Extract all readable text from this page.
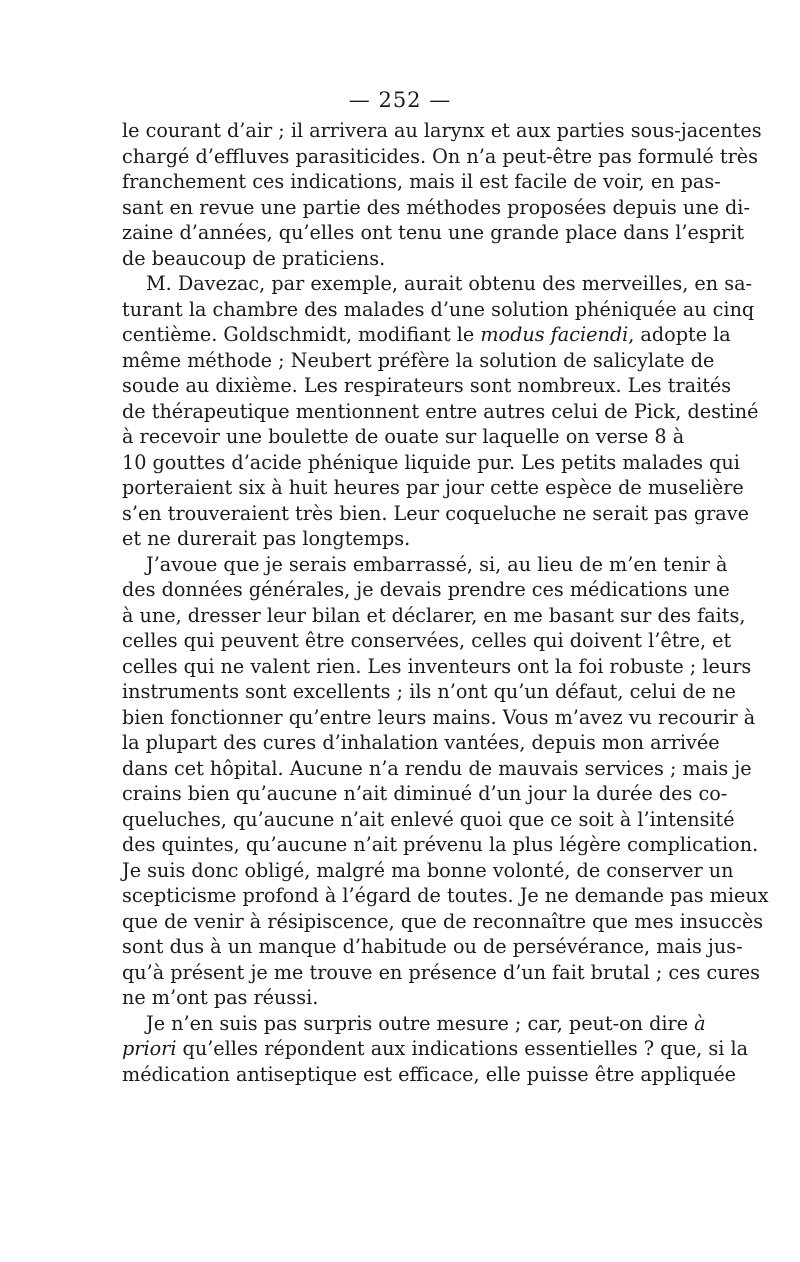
— 252 —
le courant d’air ; il arrivera au larynx et aux parties sous-jacentes
chargé d’effluves parasiticides. On n’a peut-être pas formulé très
franchement ces indications, mais il est facile de voir, en pas-
sant en revue une partie des méthodes proposées depuis une di-
zaine d’années, qu’elles ont tenu une grande place dans l’esprit
de beaucoup de praticiens.
M. Davezac, par exemple, aurait obtenu des merveilles, en sa-
turant la chambre des malades d’une solution phéniquée au cinq
centième. Goldschmidt, modifiant le modus faciendi, adopte la
même méthode ; Neubert préfère la solution de salicylate de
soude au dixième. Les respirateurs sont nombreux. Les traités
de thérapeutique mentionnent entre autres celui de Pick, destiné
à recevoir une boulette de ouate sur laquelle on verse 8 à
10 gouttes d’acide phénique liquide pur. Les petits malades qui
porteraient six à huit heures par jour cette espèce de muselière
s’en trouveraient très bien. Leur coqueluche ne serait pas grave
et ne durerait pas longtemps.
J’avoue que je serais embarrassé, si, au lieu de m’en tenir à
des données générales, je devais prendre ces médications une
à une, dresser leur bilan et déclarer, en me basant sur des faits,
celles qui peuvent être conservées, celles qui doivent l’être, et
celles qui ne valent rien. Les inventeurs ont la foi robuste ; leurs
instruments sont excellents ; ils n’ont qu’un défaut, celui de ne
bien fonctionner qu’entre leurs mains. Vous m’avez vu recourir à
la plupart des cures d’inhalation vantées, depuis mon arrivée
dans cet hôpital. Aucune n’a rendu de mauvais services ; mais je
crains bien qu’aucune n’ait diminué d’un jour la durée des co-
queluches, qu’aucune n’ait enlevé quoi que ce soit à l’intensité
des quintes, qu’aucune n’ait prévenu la plus légère complication.
Je suis donc obligé, malgré ma bonne volonté, de conserver un
scepticisme profond à l’égard de toutes. Je ne demande pas mieux
que de venir à résipiscence, que de reconnaître que mes insuccès
sont dus à un manque d’habitude ou de persévérance, mais jus-
qu’à présent je me trouve en présence d’un fait brutal ; ces cures
ne m’ont pas réussi.
Je n’en suis pas surpris outre mesure ; car, peut-on dire à
priori qu’elles répondent aux indications essentielles ? que, si la
médication antiseptique est efficace, elle puisse être appliquée
